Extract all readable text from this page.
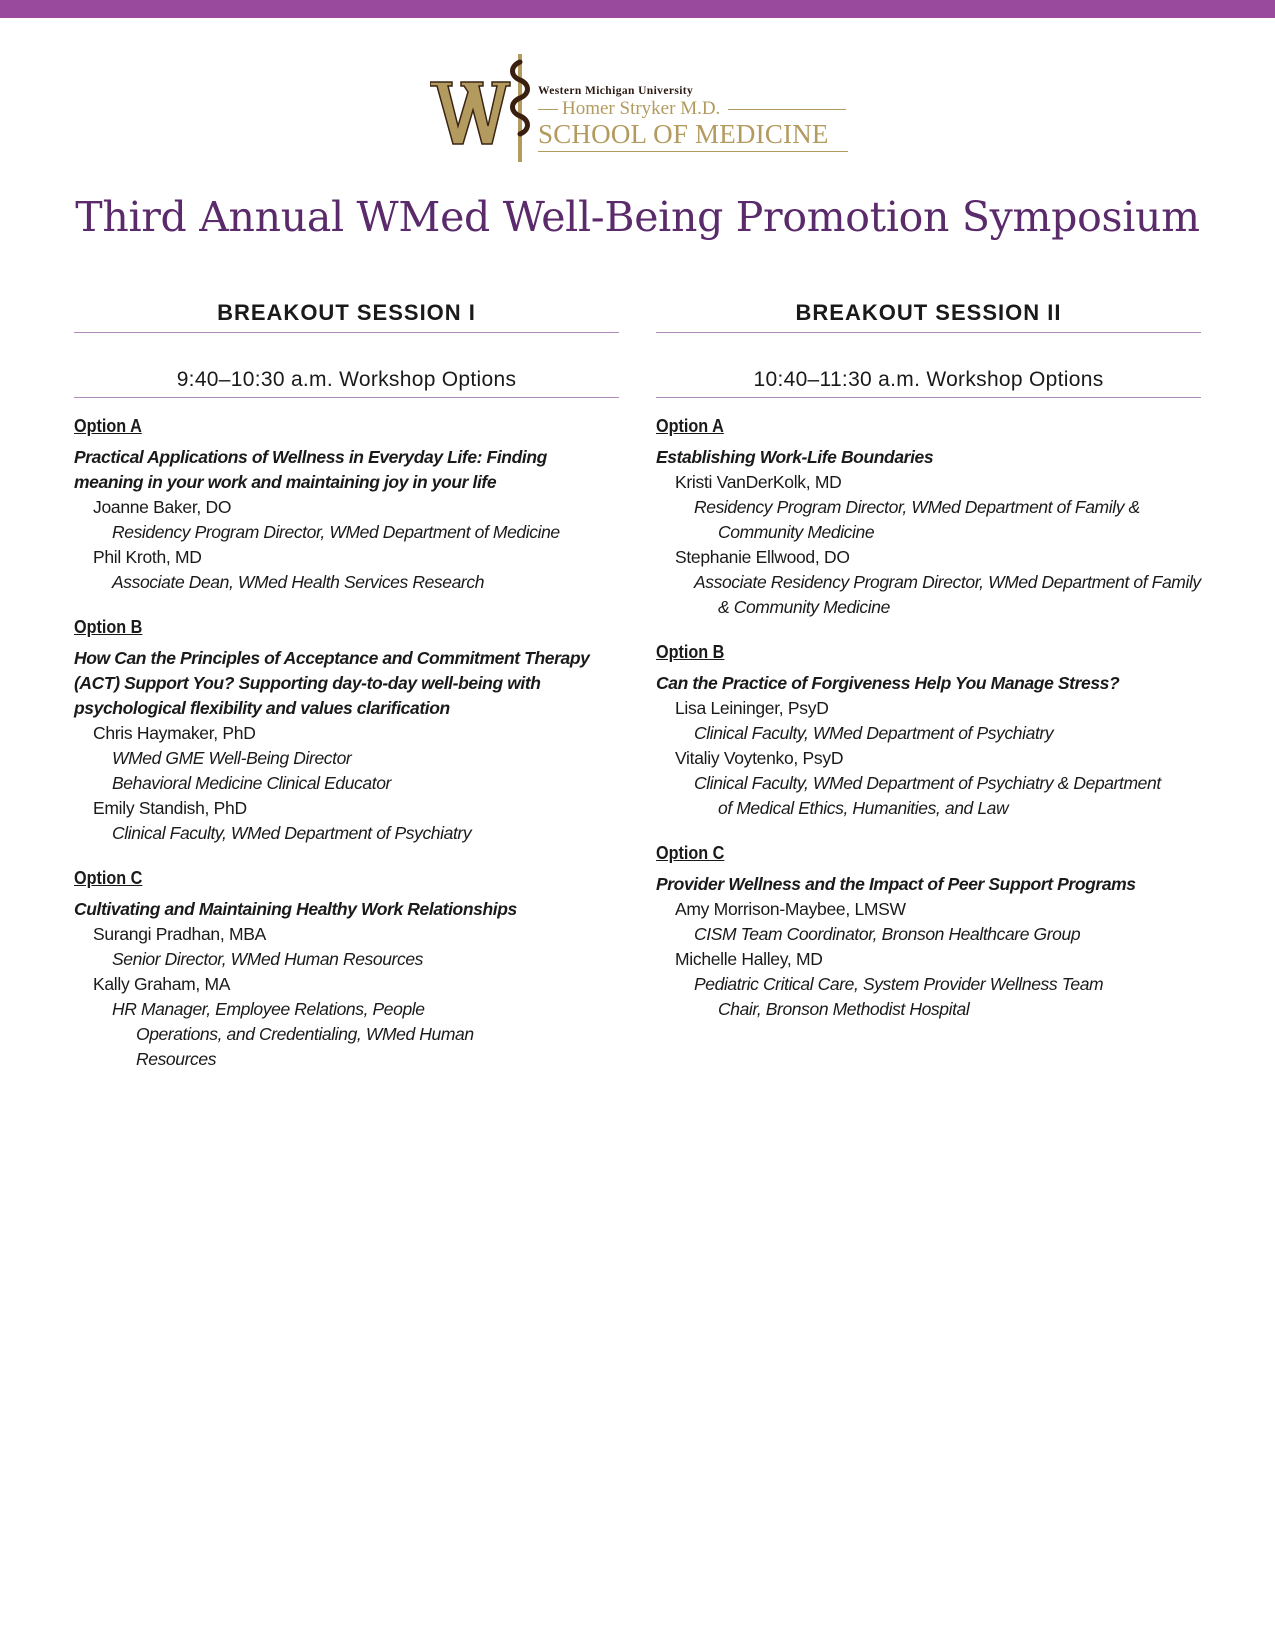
Western Michigan University
Homer Stryker M.D.
SCHOOL OF MEDICINE
Third Annual WMed Well-Being Promotion Symposium
BREAKOUT SESSION I
9:40–10:30 a.m. Workshop Options
Option A
Practical Applications of Wellness in Everyday Life: Finding meaning in your work and maintaining joy in your life
Joanne Baker, DO
Residency Program Director, WMed Department of Medicine
Phil Kroth, MD
Associate Dean, WMed Health Services Research
Option B
How Can the Principles of Acceptance and Commitment Therapy (ACT) Support You? Supporting day-to-day well-being with psychological flexibility and values clarification
Chris Haymaker, PhD
WMed GME Well-Being Director
Behavioral Medicine Clinical Educator
Emily Standish, PhD
Clinical Faculty, WMed Department of Psychiatry
Option C
Cultivating and Maintaining Healthy Work Relationships
Surangi Pradhan, MBA
Senior Director, WMed Human Resources
Kally Graham, MA
HR Manager, Employee Relations, People Operations, and Credentialing, WMed Human Resources
BREAKOUT SESSION II
10:40–11:30 a.m. Workshop Options
Option A
Establishing Work-Life Boundaries
Kristi VanDerKolk, MD
Residency Program Director, WMed Department of Family & Community Medicine
Stephanie Ellwood, DO
Associate Residency Program Director, WMed Department of Family & Community Medicine
Option B
Can the Practice of Forgiveness Help You Manage Stress?
Lisa Leininger, PsyD
Clinical Faculty, WMed Department of Psychiatry
Vitaliy Voytenko, PsyD
Clinical Faculty, WMed Department of Psychiatry & Department of Medical Ethics, Humanities, and Law
Option C
Provider Wellness and the Impact of Peer Support Programs
Amy Morrison-Maybee, LMSW
CISM Team Coordinator, Bronson Healthcare Group
Michelle Halley, MD
Pediatric Critical Care, System Provider Wellness Team Chair, Bronson Methodist Hospital
